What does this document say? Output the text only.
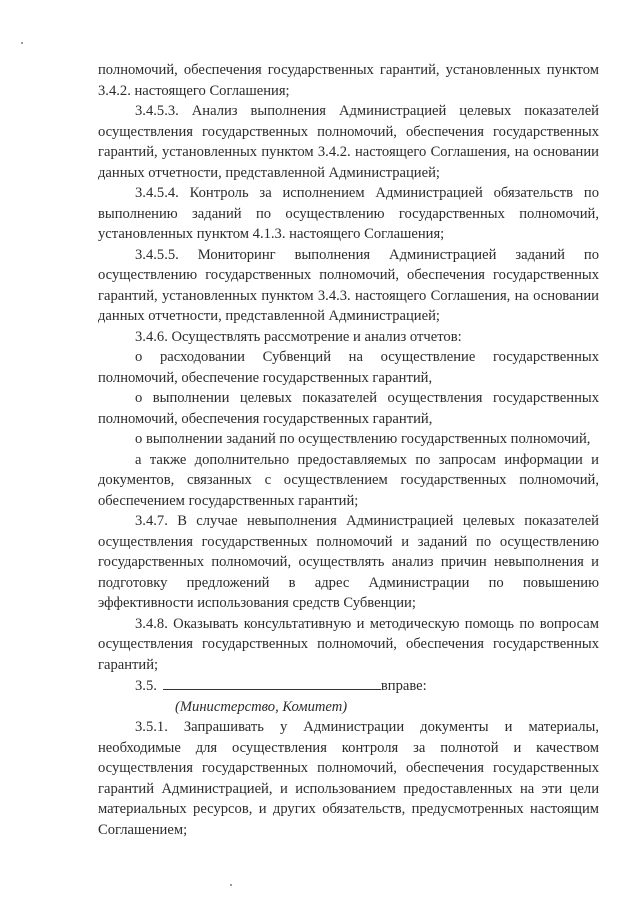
полномочий, обеспечения государственных гарантий, установленных пунктом 3.4.2. настоящего Соглашения;

3.4.5.3. Анализ выполнения Администрацией целевых показателей осуществления государственных полномочий, обеспечения государственных гарантий, установленных пунктом 3.4.2. настоящего Соглашения, на основании данных отчетности, представленной Администрацией;

3.4.5.4. Контроль за исполнением Администрацией обязательств по выполнению заданий по осуществлению государственных полномочий, установленных пунктом 4.1.3. настоящего Соглашения;

3.4.5.5. Мониторинг выполнения Администрацией заданий по осуществлению государственных полномочий, обеспечения государственных гарантий, установленных пунктом 3.4.3. настоящего Соглашения, на основании данных отчетности, представленной Администрацией;

3.4.6. Осуществлять рассмотрение и анализ отчетов:

о расходовании Субвенций на осуществление государственных полномочий, обеспечение государственных гарантий,

о выполнении целевых показателей осуществления государственных полномочий, обеспечения государственных гарантий,

о выполнении заданий по осуществлению государственных полномочий,

а также дополнительно предоставляемых по запросам информации и документов, связанных с осуществлением государственных полномочий, обеспечением государственных гарантий;

3.4.7. В случае невыполнения Администрацией целевых показателей осуществления государственных полномочий и заданий по осуществлению государственных полномочий, осуществлять анализ причин невыполнения и подготовку предложений в адрес Администрации по повышению эффективности использования средств Субвенции;

3.4.8. Оказывать консультативную и методическую помощь по вопросам осуществления государственных полномочий, обеспечения государственных гарантий;

3.5.	вправе:

(Министерство, Комитет)

3.5.1. Запрашивать у Администрации документы и материалы, необходимые для осуществления контроля за полнотой и качеством осуществления государственных полномочий, обеспечения государственных гарантий Администрацией, и использованием предоставленных на эти цели материальных ресурсов, и других обязательств, предусмотренных настоящим Соглашением;
